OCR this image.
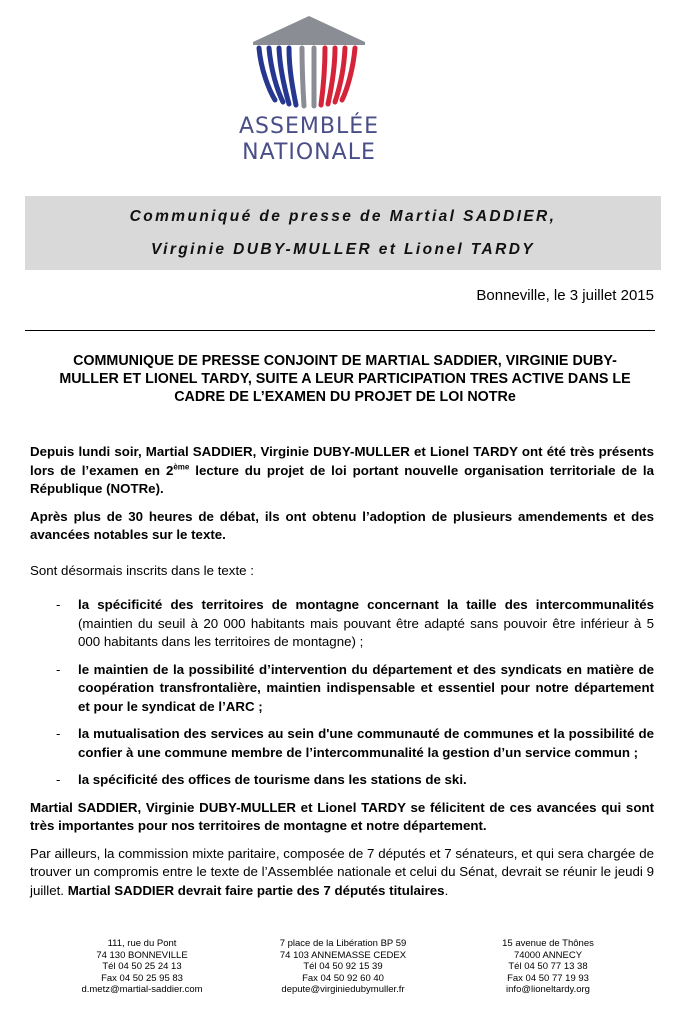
ASSEMBLÉE
NATIONALE
Communiqué de presse de Martial SADDIER,
Virginie DUBY-MULLER et Lionel TARDY
Bonneville, le 3 juillet 2015
COMMUNIQUE DE PRESSE CONJOINT DE MARTIAL SADDIER, VIRGINIE DUBY-
MULLER ET LIONEL TARDY, SUITE A LEUR PARTICIPATION TRES ACTIVE DANS LE
CADRE DE L’EXAMEN DU PROJET DE LOI NOTRe

Depuis lundi soir, Martial SADDIER, Virginie DUBY-MULLER et Lionel TARDY ont été très présents lors de l’examen en 2ème lecture du projet de loi portant nouvelle organisation territoriale de la République (NOTRe).

Après plus de 30 heures de débat, ils ont obtenu l’adoption de plusieurs amendements et des avancées notables sur le texte.

Sont désormais inscrits dans le texte :

- la spécificité des territoires de montagne concernant la taille des intercommunalités (maintien du seuil à 20 000 habitants mais pouvant être adapté sans pouvoir être inférieur à 5 000 habitants dans les territoires de montagne) ;
- le maintien de la possibilité d’intervention du département et des syndicats en matière de coopération transfrontalière, maintien indispensable et essentiel pour notre département et pour le syndicat de l’ARC ;
- la mutualisation des services au sein d'une communauté de communes et la possibilité de confier à une commune membre de l’intercommunalité la gestion d’un service commun ;
- la spécificité des offices de tourisme dans les stations de ski.

Martial SADDIER, Virginie DUBY-MULLER et Lionel TARDY se félicitent de ces avancées qui sont très importantes pour nos territoires de montagne et notre département.

Par ailleurs, la commission mixte paritaire, composée de 7 députés et 7 sénateurs, et qui sera chargée de trouver un compromis entre le texte de l’Assemblée nationale et celui du Sénat, devrait se réunir le jeudi 9 juillet. Martial SADDIER devrait faire partie des 7 députés titulaires.

111, rue du Pont
74 130 BONNEVILLE
Tél 04 50 25 24 13
Fax 04 50 25 95 83
d.metz@martial-saddier.com
7 place de la Libération BP 59
74 103 ANNEMASSE CEDEX
Tél 04 50 92 15 39
Fax 04 50 92 60 40
depute@virginiedubymuller.fr
15 avenue de Thônes
74000 ANNECY
Tél 04 50 77 13 38
Fax 04 50 77 19 93
info@lioneltardy.org
